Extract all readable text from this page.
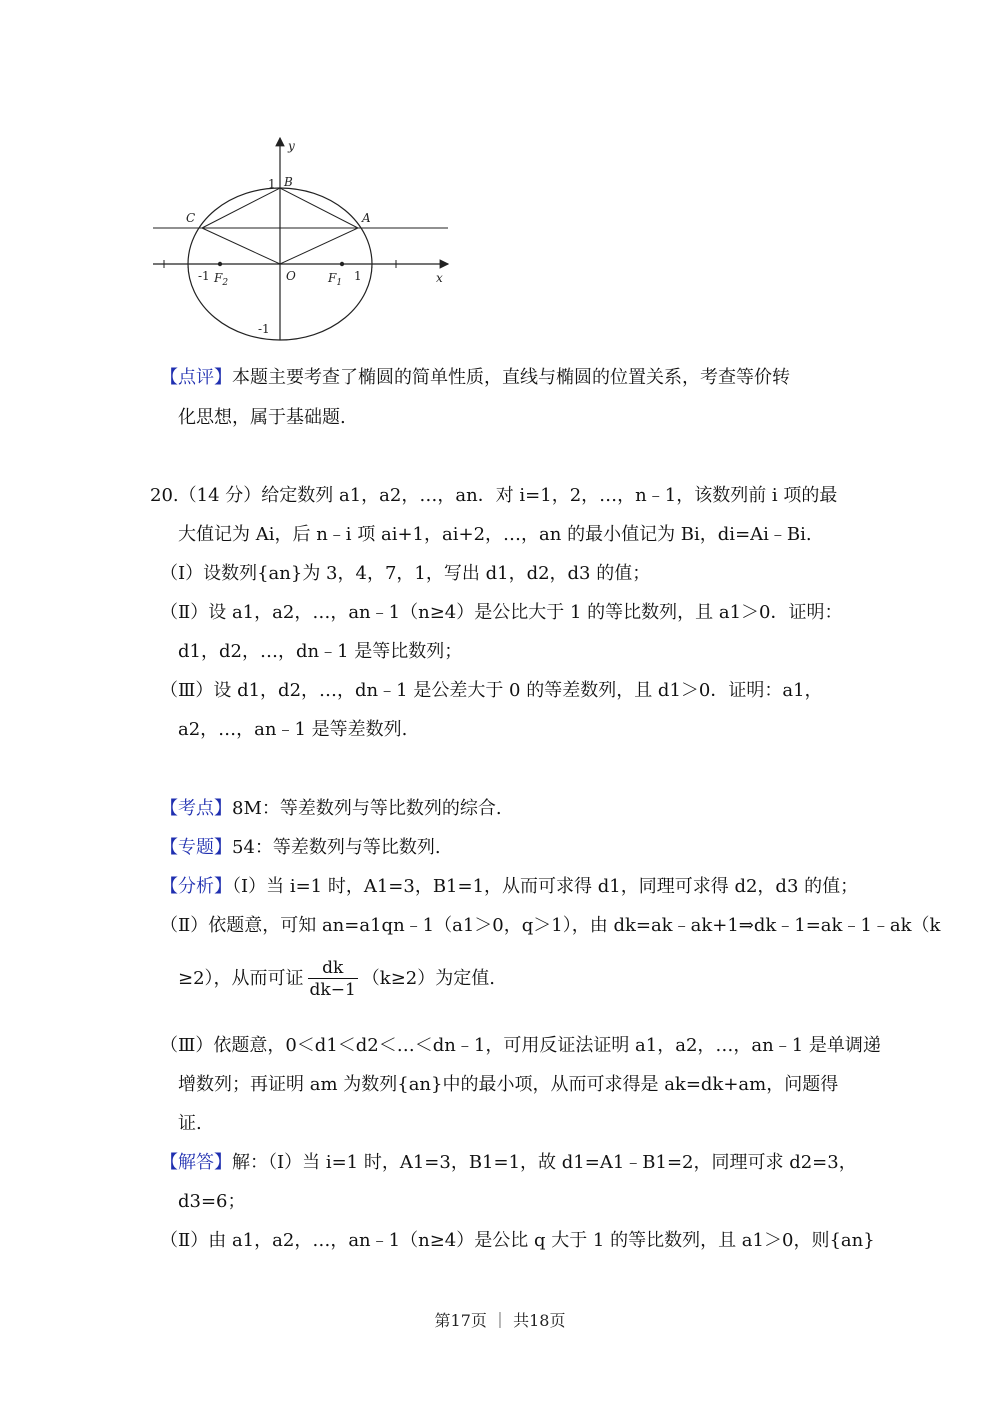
y
x
B
1
C	A
O
-1	1
-1
$F_2$	$F_1$
【点评】本题主要考查了椭圆的简单性质，直线与椭圆的位置关系，考查等价转
化思想，属于基础题.
20.（14 分）给定数列 a1，a2，…，an．对 i=1，2，…，n﹣1，该数列前 i 项的最
大值记为 Ai，后 n﹣i 项 ai+1，ai+2，…，an 的最小值记为 Bi，di=Ai﹣Bi.
（Ⅰ）设数列{an}为 3，4，7，1，写出 d1，d2，d3 的值；
（Ⅱ）设 a1，a2，…，an﹣1（n≥4）是公比大于 1 的等比数列，且 a1＞0．证明：
d1，d2，…，dn﹣1 是等比数列；
（Ⅲ）设 d1，d2，…，dn﹣1 是公差大于 0 的等差数列，且 d1＞0．证明：a1，
a2，…，an﹣1 是等差数列.
【考点】8M：等差数列与等比数列的综合.
【专题】54：等差数列与等比数列.
【分析】（Ⅰ）当 i=1 时，A1=3，B1=1，从而可求得 d1，同理可求得 d2，d3 的值；
（Ⅱ）依题意，可知 an=a1qn﹣1（a1＞0，q＞1），由 dk=ak﹣ak+1⇒dk﹣1=ak﹣1﹣ak（k
≥2），从而可证 $\frac{dk}{dk-1} (k\ge 2)$为定值.
（Ⅲ）依题意，0＜d1＜d2＜…＜dn﹣1，可用反证法证明 a1，a2，…，an﹣1 是单调递
增数列；再证明 am 为数列{an}中的最小项，从而可求得是 ak=dk+am，问题得
证.
【解答】解：（Ⅰ）当 i=1 时，A1=3，B1=1，故 d1=A1﹣B1=2，同理可求 d2=3，
d3=6；
（Ⅱ）由 a1，a2，…，an﹣1（n≥4）是公比 q 大于 1 的等比数列，且 a1＞0，则{an}
第17页 ｜ 共18页
